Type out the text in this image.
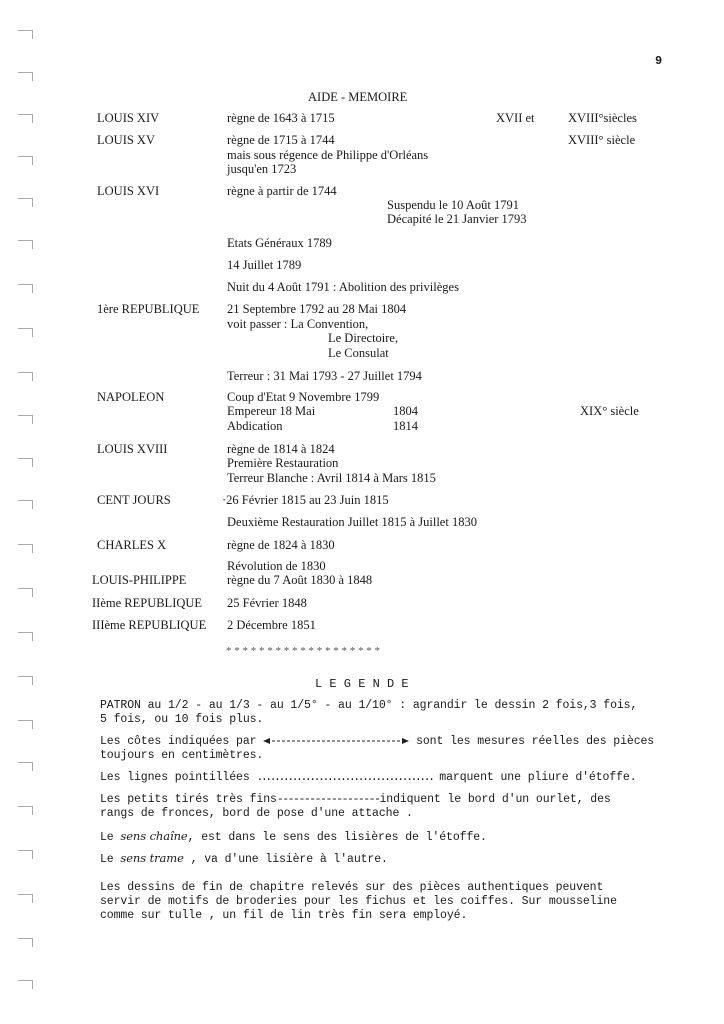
9
AIDE - MEMOIRE
LOUIS XIV	règne de 1643 à 1715	XVII et	XVIII°siècles
LOUIS XV	règne de 1715 à 1744	XVIII° siècle
mais sous régence de Philippe d'Orléans
jusqu'en 1723
LOUIS XVI	règne à partir de 1744
Suspendu le 10 Août 1791
Décapité le 21 Janvier 1793
Etats Généraux 1789
14 Juillet 1789
Nuit du 4 Août 1791 : Abolition des privilèges
1ère REPUBLIQUE 21 Septembre 1792 au 28 Mai 1804
voit passer : La Convention,
Le Directoire,
Le Consulat
Terreur : 31 Mai 1793 - 27 Juillet 1794
NAPOLEON	Coup d'Etat 9 Novembre 1799
Empereur 18 Mai	1804	XIX° siècle
Abdication	1814
LOUIS XVIII	règne de 1814 à 1824
Première Restauration
Terreur Blanche : Avril 1814 à Mars 1815
CENT JOURS	·26 Février 1815 au 23 Juin 1815
Deuxième Restauration Juillet 1815 à Juillet 1830
CHARLES X	règne de 1824 à 1830
Révolution de 1830
LOUIS-PHILIPPE	règne du 7 Août 1830 à 1848
IIème REPUBLIQUE 25 Février 1848
IIIème REPUBLIQUE 2 Décembre 1851
* * * * * * * * * * * * * * * * * * *
L E G E N D E
PATRON au 1/2 - au 1/3 - au 1/5° - au 1/10° : agrandir le dessin 2 fois,3 fois,
5 fois, ou 10 fois plus.
Les côtes indiquées par	sont les mesures réelles des pièces
toujours en centimètres.
Les lignes pointillées ........................................ marquent une pliure d'étoffe.
Les petits tirés très fins-------------------indiquent le bord d'un ourlet, des
rangs de fronces, bord de pose d'une attache .
Le sens chaîne, est dans le sens des lisières de l'étoffe.
Le sens trame , va d'une lisière à l'autre.
Les dessins de fin de chapitre relevés sur des pièces authentiques peuvent
servir de motifs de broderies pour les fichus et les coiffes. Sur mousseline
comme sur tulle , un fil de lin très fin sera employé.
